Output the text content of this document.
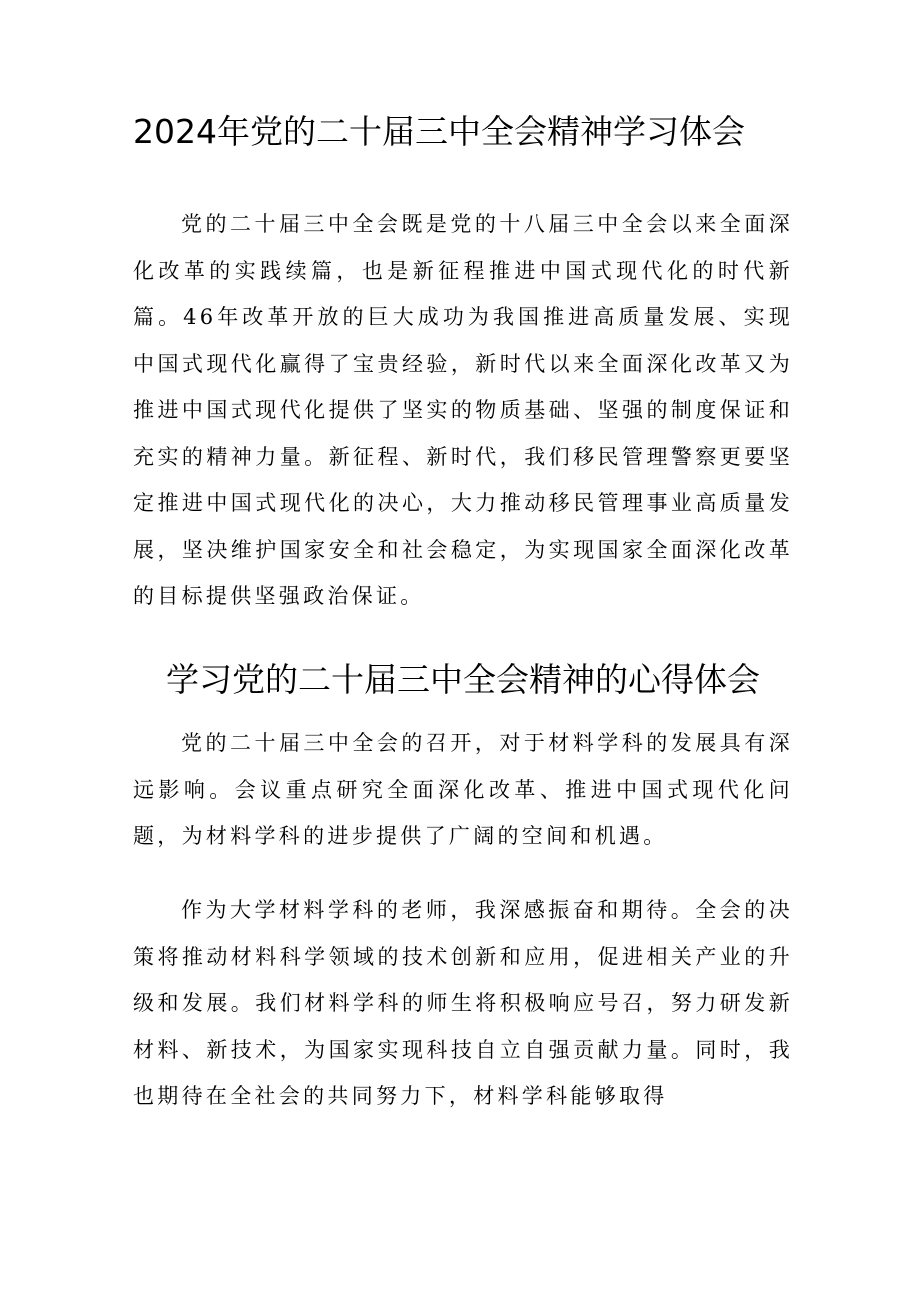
2024年党的二十届三中全会精神学习体会

党的二十届三中全会既是党的十八届三中全会以来全面深化改革的实践续篇，也是新征程推进中国式现代化的时代新篇。46年改革开放的巨大成功为我国推进高质量发展、实现中国式现代化赢得了宝贵经验，新时代以来全面深化改革又为推进中国式现代化提供了坚实的物质基础、坚强的制度保证和充实的精神力量。新征程、新时代，我们移民管理警察更要坚定推进中国式现代化的决心，大力推动移民管理事业高质量发展，坚决维护国家安全和社会稳定，为实现国家全面深化改革的目标提供坚强政治保证。

学习党的二十届三中全会精神的心得体会

党的二十届三中全会的召开，对于材料学科的发展具有深远影响。会议重点研究全面深化改革、推进中国式现代化问题，为材料学科的进步提供了广阔的空间和机遇。

作为大学材料学科的老师，我深感振奋和期待。全会的决策将推动材料科学领域的技术创新和应用，促进相关产业的升级和发展。我们材料学科的师生将积极响应号召，努力研发新材料、新技术，为国家实现科技自立自强贡献力量。同时，我也期待在全社会的共同努力下，材料学科能够取得
